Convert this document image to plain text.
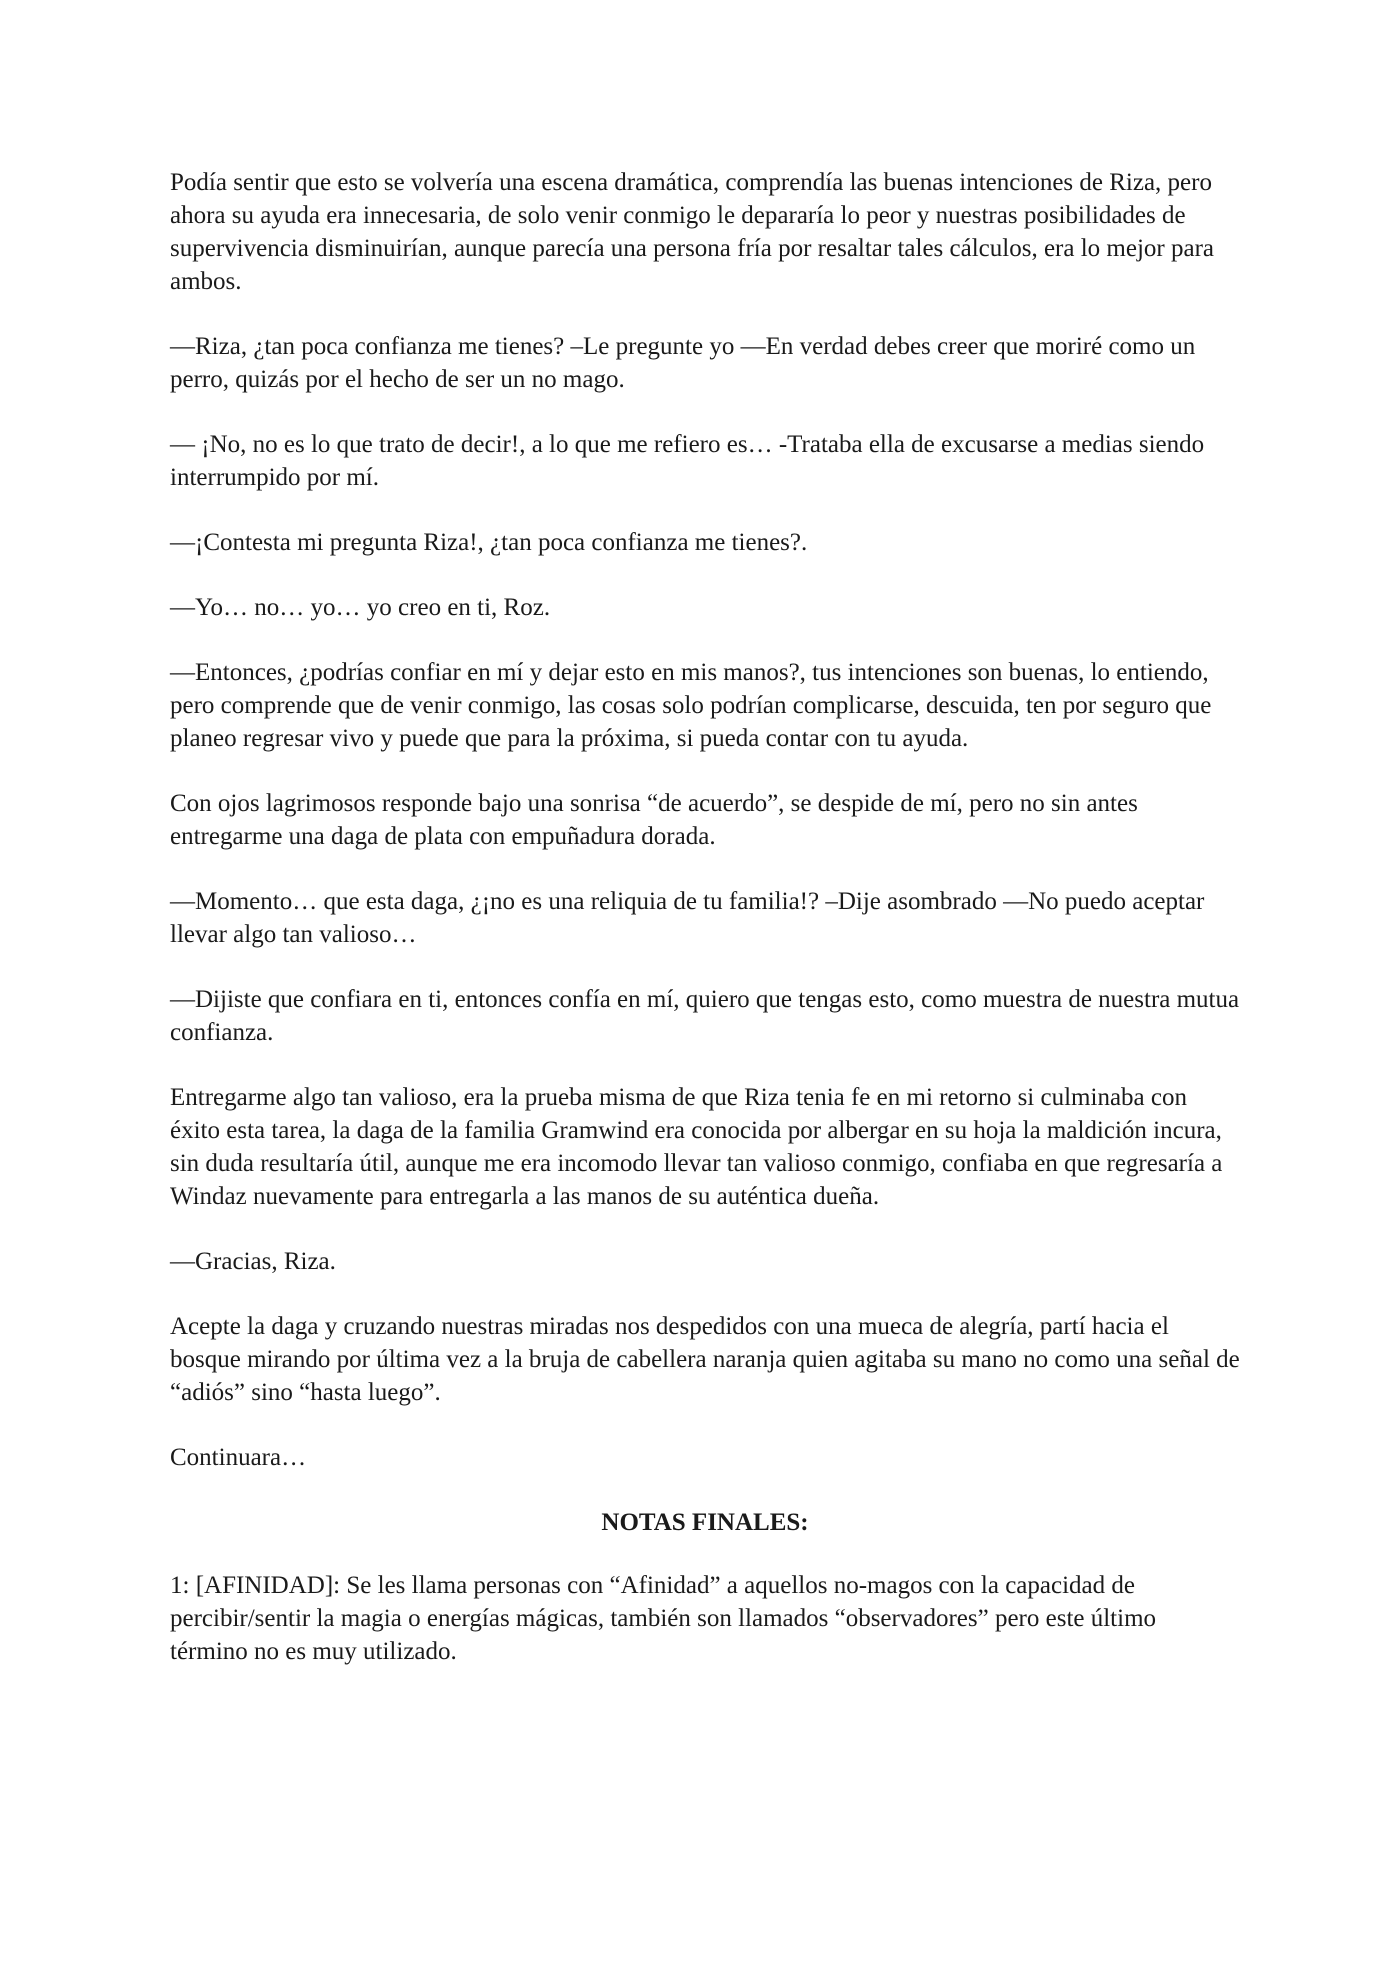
Podía sentir que esto se volvería una escena dramática, comprendía las buenas intenciones de Riza, pero ahora su ayuda era innecesaria, de solo venir conmigo le depararía lo peor y nuestras posibilidades de supervivencia disminuirían, aunque parecía una persona fría por resaltar tales cálculos, era lo mejor para ambos.

—Riza, ¿tan poca confianza me tienes? –Le pregunte yo —En verdad debes creer que moriré como un perro, quizás por el hecho de ser un no mago.

— ¡No, no es lo que trato de decir!, a lo que me refiero es… -Trataba ella de excusarse a medias siendo interrumpido por mí.

—¡Contesta mi pregunta Riza!, ¿tan poca confianza me tienes?.

—Yo… no… yo… yo creo en ti, Roz.

—Entonces, ¿podrías confiar en mí y dejar esto en mis manos?, tus intenciones son buenas, lo entiendo, pero comprende que de venir conmigo, las cosas solo podrían complicarse, descuida, ten por seguro que planeo regresar vivo y puede que para la próxima, si pueda contar con tu ayuda.

Con ojos lagrimosos responde bajo una sonrisa “de acuerdo”, se despide de mí, pero no sin antes entregarme una daga de plata con empuñadura dorada.

—Momento… que esta daga, ¿¡no es una reliquia de tu familia!? –Dije asombrado —No puedo aceptar llevar algo tan valioso…

—Dijiste que confiara en ti, entonces confía en mí, quiero que tengas esto, como muestra de nuestra mutua confianza.

Entregarme algo tan valioso, era la prueba misma de que Riza tenia fe en mi retorno si culminaba con éxito esta tarea, la daga de la familia Gramwind era conocida por albergar en su hoja la maldición incura, sin duda resultaría útil, aunque me era incomodo llevar tan valioso conmigo, confiaba en que regresaría a Windaz nuevamente para entregarla a las manos de su auténtica dueña.

—Gracias, Riza.

Acepte la daga y cruzando nuestras miradas nos despedidos con una mueca de alegría, partí hacia el bosque mirando por última vez a la bruja de cabellera naranja quien agitaba su mano no como una señal de “adiós” sino “hasta luego”.

Continuara…

NOTAS FINALES:

1: [AFINIDAD]: Se les llama personas con “Afinidad” a aquellos no-magos con la capacidad de percibir/sentir la magia o energías mágicas, también son llamados “observadores” pero este último término no es muy utilizado.
